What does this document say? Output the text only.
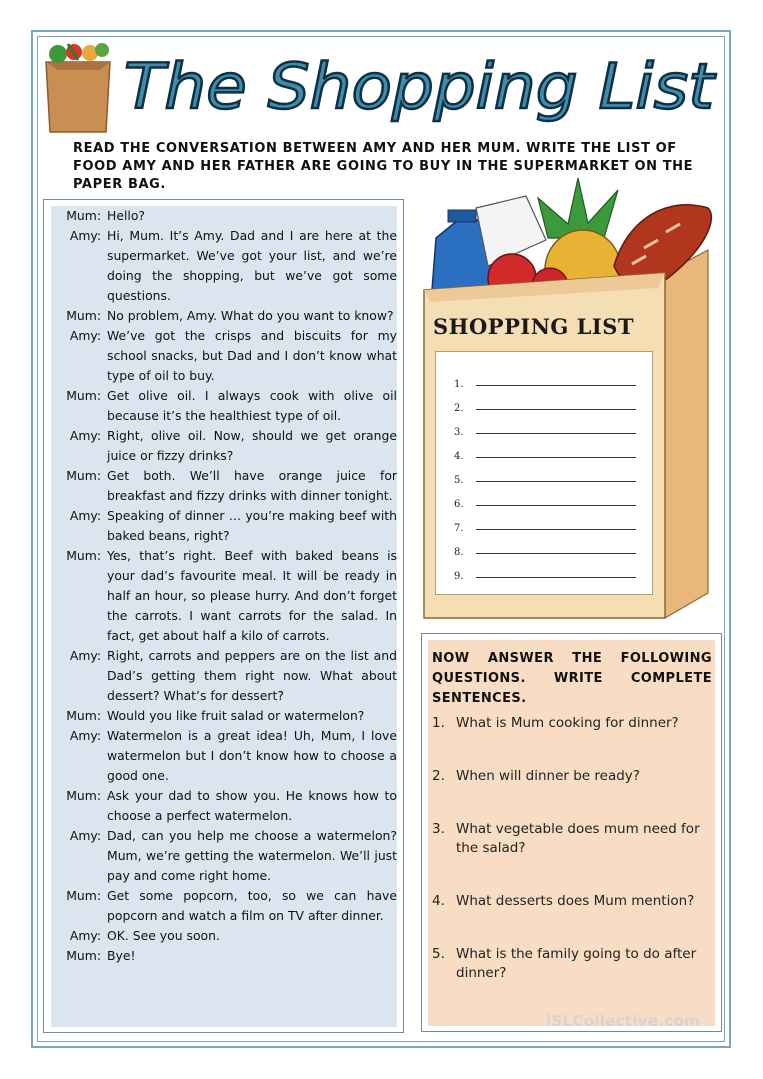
The Shopping List

READ THE CONVERSATION BETWEEN AMY AND HER MUM. WRITE THE LIST OF FOOD AMY AND HER FATHER ARE GOING TO BUY IN THE SUPERMARKET ON THE PAPER BAG.

Mum: Hello?
Amy: Hi, Mum. It’s Amy. Dad and I are here at the supermarket. We’ve got your list, and we’re doing the shopping, but we’ve got some questions.
Mum: No problem, Amy. What do you want to know?
Amy: We’ve got the crisps and biscuits for my school snacks, but Dad and I don’t know what type of oil to buy.
Mum: Get olive oil. I always cook with olive oil because it’s the healthiest type of oil.
Amy: Right, olive oil. Now, should we get orange juice or fizzy drinks?
Mum: Get both. We’ll have orange juice for breakfast and fizzy drinks with dinner tonight.
Amy: Speaking of dinner … you’re making beef with baked beans, right?
Mum: Yes, that’s right. Beef with baked beans is your dad’s favourite meal. It will be ready in half an hour, so please hurry. And don’t forget the carrots. I want carrots for the salad. In fact, get about half a kilo of carrots.
Amy: Right, carrots and peppers are on the list and Dad’s getting them right now. What about dessert? What’s for dessert?
Mum: Would you like fruit salad or watermelon?
Amy: Watermelon is a great idea! Uh, Mum, I love watermelon but I don’t know how to choose a good one.
Mum: Ask your dad to show you. He knows how to choose a perfect watermelon.
Amy: Dad, can you help me choose a watermelon? Mum, we’re getting the watermelon. We’ll just pay and come right home.
Mum: Get some popcorn, too, so we can have popcorn and watch a film on TV after dinner.
Amy: OK. See you soon.
Mum: Bye!
SHOPPING LIST
1.
2.
3.
4.
5.
6.
7.
8.
9.

NOW ANSWER THE FOLLOWING QUESTIONS. WRITE COMPLETE SENTENCES.

1. What is Mum cooking for dinner?
2. When will dinner be ready?
3. What vegetable does mum need for the salad?
4. What desserts does Mum mention?
5. What is the family going to do after dinner?
iSLCollective.com
